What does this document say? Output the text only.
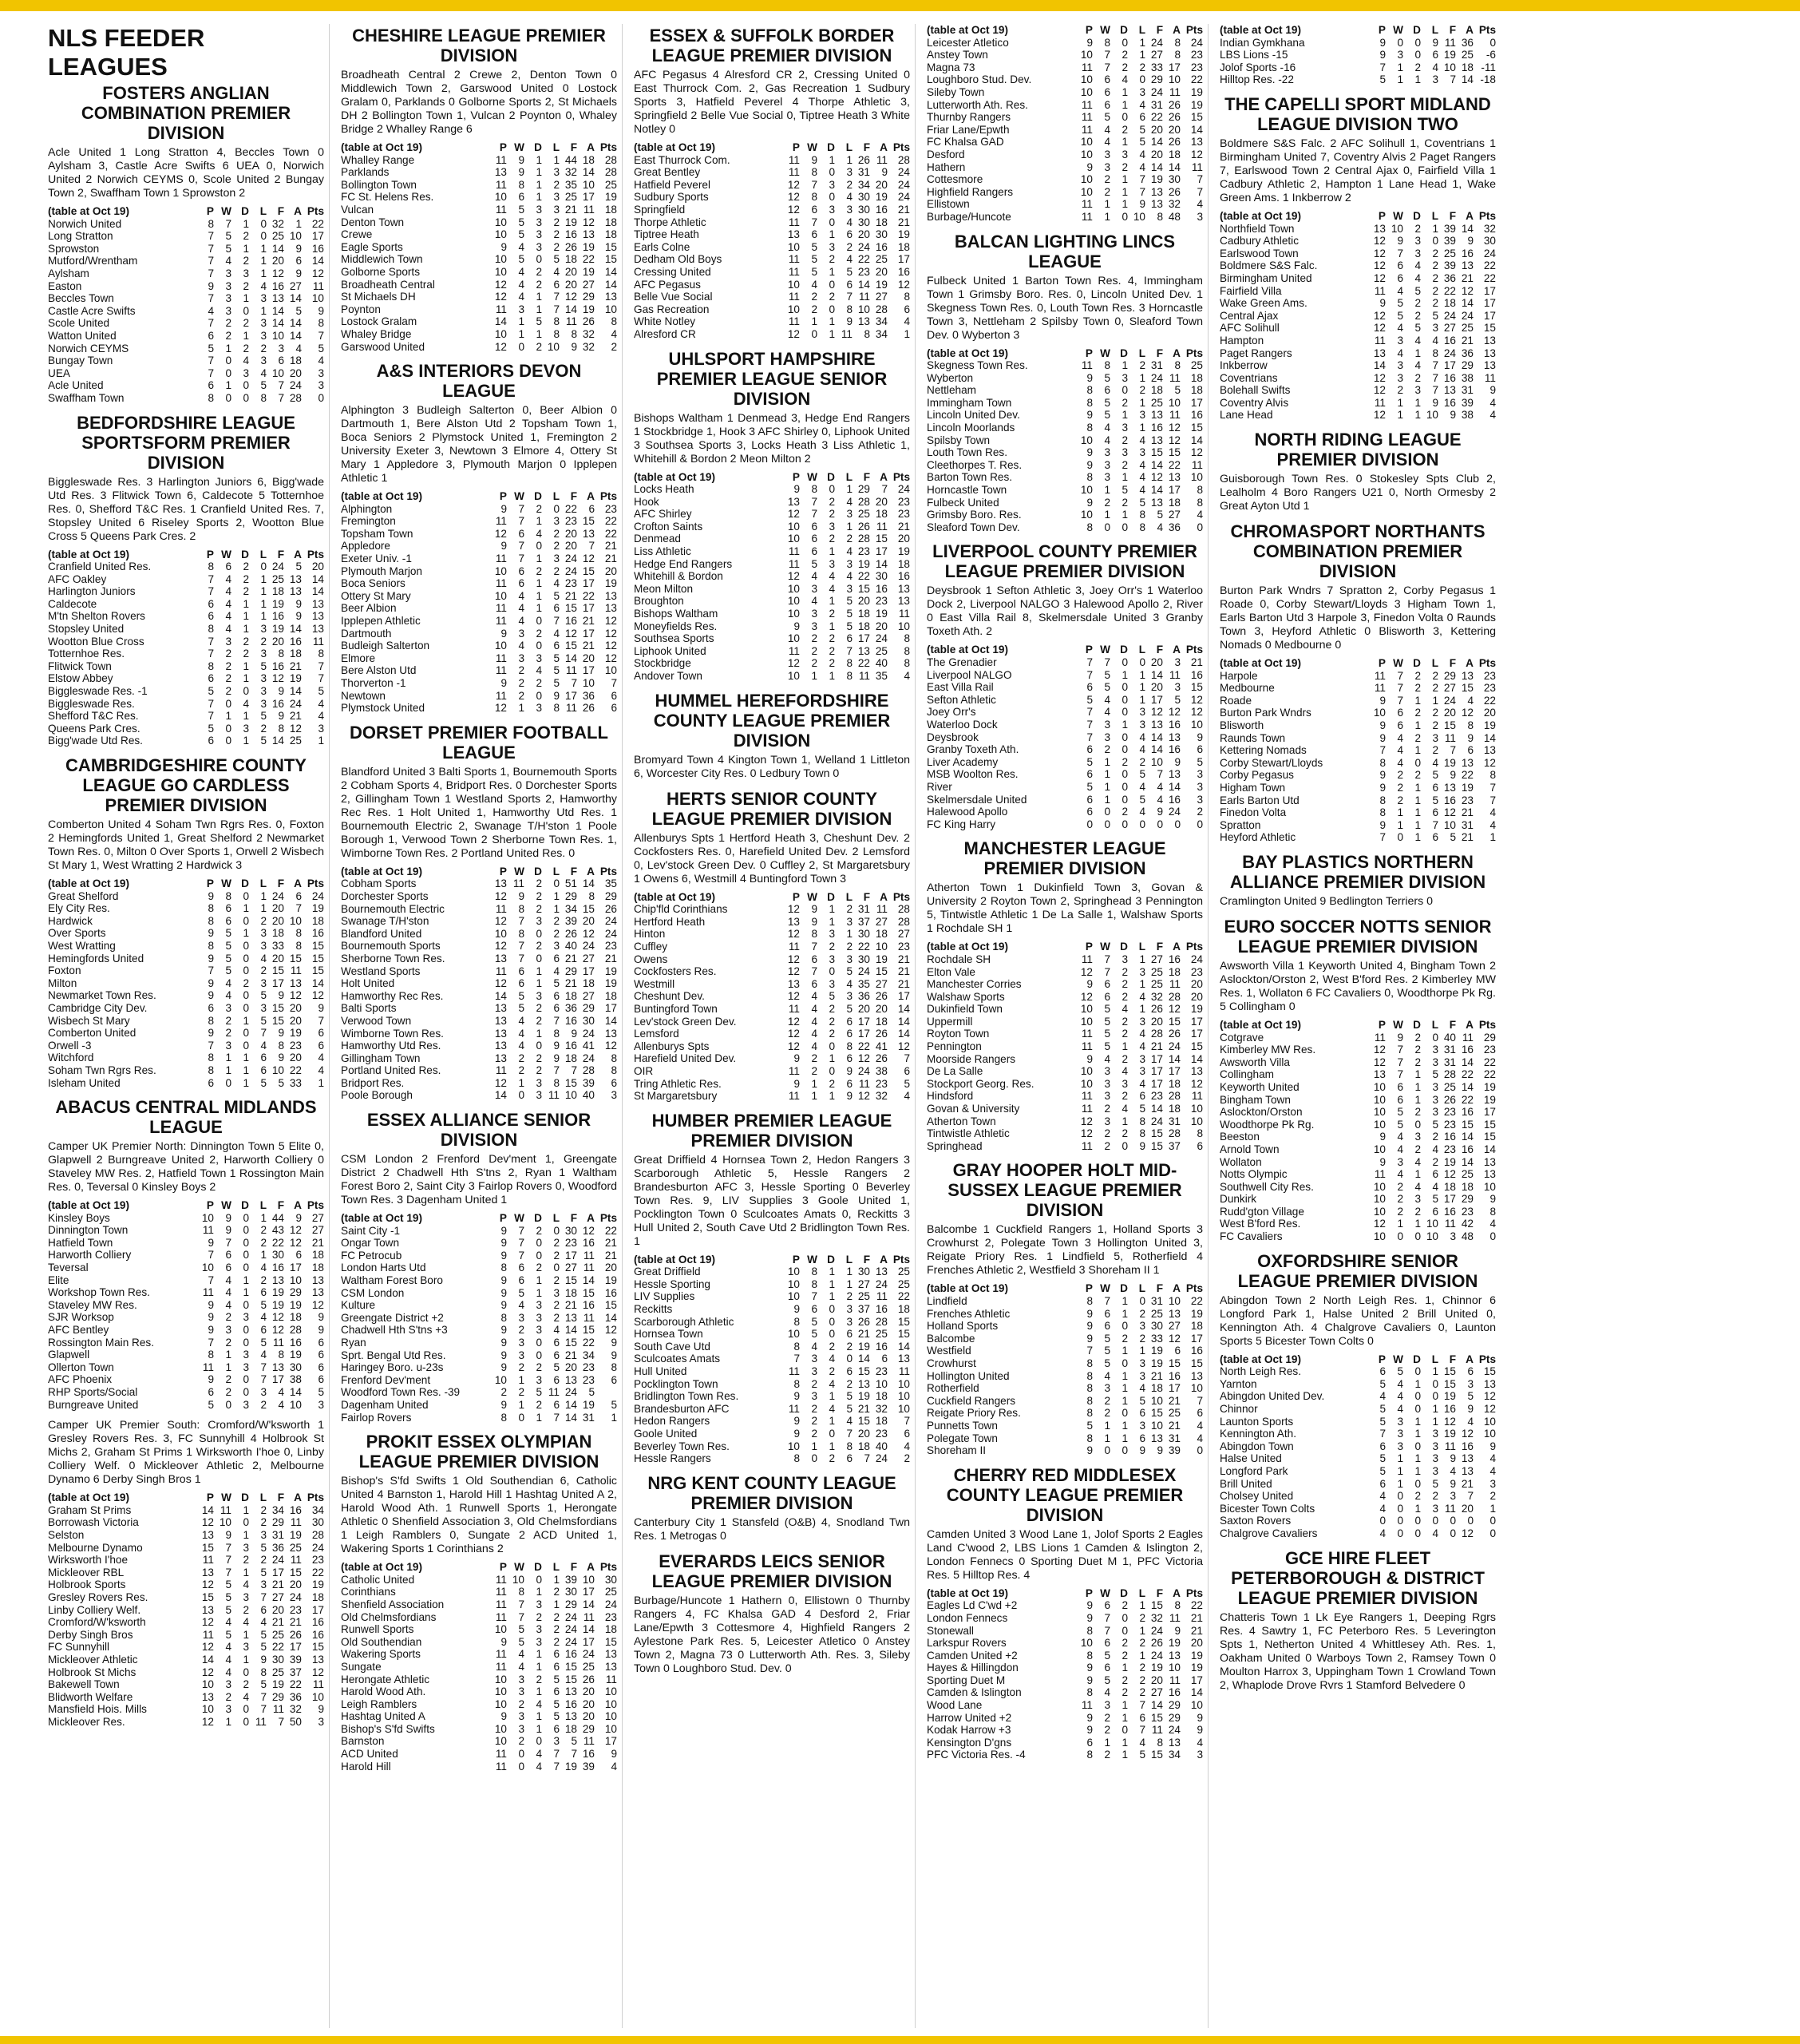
NLS FEEDER LEAGUES
FOSTERS ANGLIAN COMBINATION PREMIER DIVISION
Acle United 1 Long Stratton 4, Beccles Town 0 Aylsham 3, Castle Acre Swifts 6 UEA 0, Norwich United 2 Norwich CEYMS 0, Scole United 2 Bungay Town 2, Swaffham Town 1 Sprowston 2
(table at Oct 19)	P	W	D	L	F	A	Pts
Norwich United	8	7	1	0	32	1	22
Long Stratton	7	5	2	0	25	10	17
Sprowston	7	5	1	1	14	9	16
Mutford/Wrentham	7	4	2	1	20	6	14
Aylsham	7	3	3	1	12	9	12
Easton	9	3	2	4	16	27	11
Beccles Town	7	3	1	3	13	14	10
Castle Acre Swifts	4	3	0	1	14	5	9
Scole United	7	2	2	3	14	14	8
Watton United	6	2	1	3	10	14	7
Norwich CEYMS	5	1	2	2	3	4	5
Bungay Town	7	0	4	3	6	18	4
UEA	7	0	3	4	10	20	3
Acle United	6	1	0	5	7	24	3
Swaffham Town	8	0	0	8	7	28	0
BEDFORDSHIRE LEAGUE SPORTSFORM PREMIER DIVISION
Biggleswade Res. 3 Harlington Juniors 6, Bigg'wade Utd Res. 3 Flitwick Town 6, Caldecote 5 Totternhoe Res. 0, Shefford T&C Res. 1 Cranfield United Res. 7, Stopsley United 6 Riseley Sports 2, Wootton Blue Cross 5 Queens Park Cres. 2
(table at Oct 19)	P	W	D	L	F	A	Pts
Cranfield United Res.	8	6	2	0	24	5	20
AFC Oakley	7	4	2	1	25	13	14
Harlington Juniors	7	4	2	1	18	13	14
Caldecote	6	4	1	1	19	9	13
M'tn Shelton Rovers	6	4	1	1	16	9	13
Stopsley United	8	4	1	3	19	14	13
Wootton Blue Cross	7	3	2	2	20	16	11
Totternhoe Res.	7	2	2	3	8	18	8
Flitwick Town	8	2	1	5	16	21	7
Elstow Abbey	6	2	1	3	12	19	7
Biggleswade Res. -1	5	2	0	3	9	14	5
Biggleswade Res.	7	0	4	3	16	24	4
Shefford T&C Res.	7	1	1	5	9	21	4
Queens Park Cres.	5	0	3	2	8	12	3
Bigg'wade Utd Res.	6	0	1	5	14	25	1
CAMBRIDGESHIRE COUNTY LEAGUE GO CARDLESS PREMIER DIVISION
Comberton United 4 Soham Twn Rgrs Res. 0, Foxton 2 Hemingfords United 1, Great Shelford 2 Newmarket Town Res. 0, Milton 0 Over Sports 1, Orwell 2 Wisbech St Mary 1, West Wratting 2 Hardwick 3
(table at Oct 19)	P	W	D	L	F	A	Pts
Great Shelford	9	8	0	1	24	6	24
Ely City Res.	8	6	1	1	20	7	19
Hardwick	8	6	0	2	20	10	18
Over Sports	9	5	1	3	18	8	16
West Wratting	8	5	0	3	33	8	15
Hemingfords United	9	5	0	4	20	15	15
Foxton	7	5	0	2	15	11	15
Milton	9	4	2	3	17	13	14
Newmarket Town Res.	9	4	0	5	9	12	12
Cambridge City Dev.	6	3	0	3	15	20	9
Wisbech St Mary	8	2	1	5	15	20	7
Comberton United	9	2	0	7	9	19	6
Orwell -3	7	3	0	4	8	23	6
Witchford	8	1	1	6	9	20	4
Soham Twn Rgrs Res.	8	1	1	6	10	22	4
Isleham United	6	0	1	5	5	33	1
ABACUS CENTRAL MIDLANDS LEAGUE
Camper UK Premier North: Dinnington Town 5 Elite 0, Glapwell 2 Burngreave United 2, Harworth Colliery 0 Staveley MW Res. 2, Hatfield Town 1 Rossington Main Res. 0, Teversal 0 Kinsley Boys 2
(table at Oct 19)	P	W	D	L	F	A	Pts
Kinsley Boys	10	9	0	1	44	9	27
Dinnington Town	11	9	0	2	43	12	27
Hatfield Town	9	7	0	2	22	12	21
Harworth Colliery	7	6	0	1	30	6	18
Teversal	10	6	0	4	16	17	18
Elite	7	4	1	2	13	10	13
Workshop Town Res.	11	4	1	6	19	29	13
Staveley MW Res.	9	4	0	5	19	19	12
SJR Worksop	9	2	3	4	12	18	9
AFC Bentley	9	3	0	6	12	28	9
Rossington Main Res.	7	2	0	5	11	16	6
Glapwell	8	1	3	4	8	19	6
Ollerton Town	11	1	3	7	13	30	6
AFC Phoenix	9	2	0	7	17	38	6
RHP Sports/Social	6	2	0	3	4	14	5
Burngreave United	5	0	3	2	4	10	3
Camper UK Premier South: Cromford/W'ksworth 1 Gresley Rovers Res. 3, FC Sunnyhill 4 Holbrook St Michs 2, Graham St Prims 1 Wirksworth I'hoe 0, Linby Colliery Welf. 0 Mickleover Athletic 2, Melbourne Dynamo 6 Derby Singh Bros 1
(table at Oct 19)	P	W	D	L	F	A	Pts
Graham St Prims	14	11	1	2	34	16	34
Borrowash Victoria	12	10	0	2	29	11	30
Selston	13	9	1	3	31	19	28
Melbourne Dynamo	15	7	3	5	36	25	24
Wirksworth I'hoe	11	7	2	2	24	11	23
Mickleover RBL	13	7	1	5	17	15	22
Holbrook Sports	12	5	4	3	21	20	19
Gresley Rovers Res.	15	5	3	7	27	24	18
Linby Colliery Welf.	13	5	2	6	20	23	17
Cromford/W'ksworth	12	4	4	4	21	21	16
Derby Singh Bros	11	5	1	5	25	26	16
FC Sunnyhill	12	4	3	5	22	17	15
Mickleover Athletic	14	4	1	9	30	39	13
Holbrook St Michs	12	4	0	8	25	37	12
Bakewell Town	10	3	2	5	19	22	11
Blidworth Welfare	13	2	4	7	29	36	10
Mansfield Hois. Mills	10	3	0	7	11	32	9
Mickleover Res.	12	1	0	11	7	50	3
CHESHIRE LEAGUE PREMIER DIVISION
Broadheath Central 2 Crewe 2, Denton Town 0 Middlewich Town 2, Garswood United 0 Lostock Gralam 0, Parklands 0 Golborne Sports 2, St Michaels DH 2 Bollington Town 1, Vulcan 2 Poynton 0, Whaley Bridge 2 Whalley Range 6
(table at Oct 19)	P	W	D	L	F	A	Pts
Whalley Range	11	9	1	1	44	18	28
Parklands	13	9	1	3	32	14	28
Bollington Town	11	8	1	2	35	10	25
FC St. Helens Res.	10	6	1	3	25	17	19
Vulcan	11	5	3	3	21	11	18
Denton Town	10	5	3	2	19	12	18
Crewe	10	5	3	2	16	13	18
Eagle Sports	9	4	3	2	26	19	15
Middlewich Town	10	5	0	5	18	22	15
Golborne Sports	10	4	2	4	20	19	14
Broadheath Central	12	4	2	6	20	27	14
St Michaels DH	12	4	1	7	12	29	13
Poynton	11	3	1	7	14	19	10
Lostock Gralam	14	1	5	8	11	26	8
Whaley Bridge	10	1	1	8	8	32	4
Garswood United	12	0	2	10	9	32	2
A&S INTERIORS DEVON LEAGUE
Alphington 3 Budleigh Salterton 0, Beer Albion 0 Dartmouth 1, Bere Alston Utd 2 Topsham Town 1, Boca Seniors 2 Plymstock United 1, Fremington 2 University Exeter 3, Newtown 3 Elmore 4, Ottery St Mary 1 Appledore 3, Plymouth Marjon 0 Ipplepen Athletic 1
(table at Oct 19)	P	W	D	L	F	A	Pts
Alphington	9	7	2	0	22	6	23
Fremington	11	7	1	3	23	15	22
Topsham Town	12	6	4	2	20	13	22
Appledore	9	7	0	2	20	7	21
Exeter Univ. -1	11	7	1	3	24	12	21
Plymouth Marjon	10	6	2	2	24	15	20
Boca Seniors	11	6	1	4	23	17	19
Ottery St Mary	10	4	1	5	21	22	13
Beer Albion	11	4	1	6	15	17	13
Ipplepen Athletic	11	4	0	7	16	21	12
Dartmouth	9	3	2	4	12	17	12
Budleigh Salterton	10	4	0	6	15	21	12
Elmore	11	3	3	5	14	20	12
Bere Alston Utd	11	2	4	5	11	17	10
Thorverton -1	9	2	2	5	7	10	7
Newtown	11	2	0	9	17	36	6
Plymstock United	12	1	3	8	11	26	6
DORSET PREMIER FOOTBALL LEAGUE
Blandford United 3 Balti Sports 1, Bournemouth Sports 2 Cobham Sports 4, Bridport Res. 0 Dorchester Sports 2, Gillingham Town 1 Westland Sports 2, Hamworthy Rec Res. 1 Holt United 1, Hamworthy Utd Res. 1 Bournemouth Electric 2, Swanage T/H'ston 1 Poole Borough 1, Verwood Town 2 Sherborne Town Res. 1, Wimborne Town Res. 2 Portland United Res. 0
(table at Oct 19)	P	W	D	L	F	A	Pts
Cobham Sports	13	11	2	0	51	14	35
Dorchester Sports	12	9	2	1	29	8	29
Bournemouth Electric	11	8	2	1	34	15	26
Swanage T/H'ston	12	7	3	2	39	20	24
Blandford United	10	8	0	2	26	12	24
Bournemouth Sports	12	7	2	3	40	24	23
Sherborne Town Res.	13	7	0	6	21	27	21
Westland Sports	11	6	1	4	29	17	19
Holt United	12	6	1	5	21	18	19
Hamworthy Rec Res.	14	5	3	6	18	27	18
Balti Sports	13	5	2	6	36	29	17
Verwood Town	13	4	2	7	16	30	14
Wimborne Town Res.	13	4	1	8	9	24	13
Hamworthy Utd Res.	13	4	0	9	16	41	12
Gillingham Town	13	2	2	9	18	24	8
Portland United Res.	11	2	2	7	7	28	8
Bridport Res.	12	1	3	8	15	39	6
Poole Borough	14	0	3	11	10	40	3
ESSEX ALLIANCE SENIOR DIVISION
CSM London 2 Frenford Dev'ment 1, Greengate District 2 Chadwell Hth S'tns 2, Ryan 1 Waltham Forest Boro 2, Saint City 3 Fairlop Rovers 0, Woodford Town Res. 3 Dagenham United 1
(table at Oct 19)	P	W	D	L	F	A	Pts
Saint City -1	9	7	2	0	30	12	22
Ongar Town	9	7	0	2	23	16	21
FC Petrocub	9	7	0	2	17	11	21
London Harts Utd	8	6	2	0	27	11	20
Waltham Forest Boro	9	6	1	2	15	14	19
CSM London	9	5	1	3	18	15	16
Kulture	9	4	3	2	21	16	15
Greengate District +2	8	3	3	2	13	11	14
Chadwell Hth S'tns +3	9	2	3	4	14	15	12
Ryan	9	3	0	6	15	22	9
Sprt. Bengal Utd Res.	9	3	0	6	21	34	9
Haringey Boro. u-23s	9	2	2	5	20	23	8
Frenford Dev'ment	10	1	3	6	13	23	6
Woodford Town Res. -39	2	2	5	11	24	5	
Dagenham United	9	1	2	6	14	19	5
Fairlop Rovers	8	0	1	7	14	31	1
PROKIT ESSEX OLYMPIAN LEAGUE PREMIER DIVISION
Bishop's S'fd Swifts 1 Old Southendian 6, Catholic United 4 Barnston 1, Harold Hill 1 Hashtag United A 2, Harold Wood Ath. 1 Runwell Sports 1, Herongate Athletic 0 Shenfield Association 3, Old Chelmsfordians 1 Leigh Ramblers 0, Sungate 2 ACD United 1, Wakering Sports 1 Corinthians 2
(table at Oct 19)	P	W	D	L	F	A	Pts
Catholic United	11	10	0	1	39	10	30
Corinthians	11	8	1	2	30	17	25
Shenfield Association	11	7	3	1	29	14	24
Old Chelmsfordians	11	7	2	2	24	11	23
Runwell Sports	10	5	3	2	24	14	18
Old Southendian	9	5	3	2	24	17	15
Wakering Sports	11	4	1	6	16	24	13
Sungate	11	4	1	6	15	25	13
Herongate Athletic	10	3	2	5	15	26	11
Harold Wood Ath.	10	3	1	6	13	20	10
Leigh Ramblers	10	2	4	5	16	20	10
Hashtag United A	9	3	1	5	13	20	10
Bishop's S'fd Swifts	10	3	1	6	18	29	10
Barnston	10	2	0	3	5	11	17
ACD United	11	0	4	7	7	16	9
Harold Hill	11	0	4	7	19	39	4
ESSEX & SUFFOLK BORDER LEAGUE PREMIER DIVISION
AFC Pegasus 4 Alresford CR 2, Cressing United 0 East Thurrock Com. 2, Gas Recreation 1 Sudbury Sports 3, Hatfield Peverel 4 Thorpe Athletic 3, Springfield 2 Belle Vue Social 0, Tiptree Heath 3 White Notley 0
(table at Oct 19)	P	W	D	L	F	A	Pts
East Thurrock Com.	11	9	1	1	26	11	28
Great Bentley	11	8	0	3	31	9	24
Hatfield Peverel	12	7	3	2	34	20	24
Sudbury Sports	12	8	0	4	30	19	24
Springfield	12	6	3	3	30	16	21
Thorpe Athletic	11	7	0	4	30	18	21
Tiptree Heath	13	6	1	6	20	30	19
Earls Colne	10	5	3	2	24	16	18
Dedham Old Boys	11	5	2	4	22	25	17
Cressing United	11	5	1	5	23	20	16
AFC Pegasus	10	4	0	6	14	19	12
Belle Vue Social	11	2	2	7	11	27	8
Gas Recreation	10	2	0	8	10	28	6
White Notley	11	1	1	9	13	34	4
Alresford CR	12	0	1	11	8	34	1
UHLSPORT HAMPSHIRE PREMIER LEAGUE SENIOR DIVISION
Bishops Waltham 1 Denmead 3, Hedge End Rangers 1 Stockbridge 1, Hook 3 AFC Shirley 0, Liphook United 3 Southsea Sports 3, Locks Heath 3 Liss Athletic 1, Whitehill & Bordon 2 Meon Milton 2
(table at Oct 19)	P	W	D	L	F	A	Pts
Locks Heath	9	8	0	1	29	7	24
Hook	13	7	2	4	28	20	23
AFC Shirley	12	7	2	3	25	18	23
Crofton Saints	10	6	3	1	26	11	21
Denmead	10	6	2	2	28	15	20
Liss Athletic	11	6	1	4	23	17	19
Hedge End Rangers	11	5	3	3	19	14	18
Whitehill & Bordon	12	4	4	4	22	30	16
Meon Milton	10	3	4	3	15	16	13
Broughton	10	4	1	5	20	23	13
Bishops Waltham	10	3	2	5	18	19	11
Moneyfields Res.	9	3	1	5	18	20	10
Southsea Sports	10	2	2	6	17	24	8
Liphook United	11	2	2	7	13	25	8
Stockbridge	12	2	2	8	22	40	8
Andover Town	10	1	1	8	11	35	4
HUMMEL HEREFORDSHIRE COUNTY LEAGUE PREMIER DIVISION
Bromyard Town 4 Kington Town 1, Welland 1 Littleton 6, Worcester City Res. 0 Ledbury Town 0
HERTS SENIOR COUNTY LEAGUE PREMIER DIVISION
Allenburys Spts 1 Hertford Heath 3, Cheshunt Dev. 2 Cockfosters Res. 0, Harefield United Dev. 2 Lemsford 0, Lev'stock Green Dev. 0 Cuffley 2, St Margaretsbury 1 Owens 6, Westmill 4 Buntingford Town 3
(table at Oct 19)	P	W	D	L	F	A	Pts
Chip'fld Corinthians	12	9	1	2	31	11	28
Hertford Heath	13	9	1	3	37	27	28
Hinton	12	8	3	1	30	18	27
Cuffley	11	7	2	2	22	10	23
Owens	12	6	3	3	30	19	21
Cockfosters Res.	12	7	0	5	24	15	21
Westmill	13	6	3	4	35	27	21
Cheshunt Dev.	12	4	5	3	36	26	17
Buntingford Town	11	4	2	5	20	20	14
Lev'stock Green Dev.	12	4	2	6	17	18	14
Lemsford	12	4	2	6	17	26	14
Allenburys Spts	12	4	0	8	22	41	12
Harefield United Dev.	9	2	1	6	12	26	7
OIR	11	2	0	9	24	38	6
Tring Athletic Res.	9	1	2	6	11	23	5
St Margaretsbury	11	1	1	9	12	32	4
HUMBER PREMIER LEAGUE PREMIER DIVISION
Great Driffield 4 Hornsea Town 2, Hedon Rangers 3 Scarborough Athletic 5, Hessle Rangers 2 Brandesburton AFC 3, Hessle Sporting 0 Beverley Town Res. 9, LIV Supplies 3 Goole United 1, Pocklington Town 0 Sculcoates Amats 0, Reckitts 3 Hull United 2, South Cave Utd 2 Bridlington Town Res. 1
(table at Oct 19)	P	W	D	L	F	A	Pts
Great Driffield	10	8	1	1	30	13	25
Hessle Sporting	10	8	1	1	27	24	25
LIV Supplies	10	7	1	2	25	11	22
Reckitts	9	6	0	3	37	16	18
Scarborough Athletic	8	5	0	3	26	28	15
Hornsea Town	10	5	0	6	21	25	15
South Cave Utd	8	4	2	2	19	16	14
Sculcoates Amats	7	3	4	0	14	6	13
Hull United	11	3	2	6	15	23	11
Pocklington Town	8	2	4	2	13	10	10
Bridlington Town Res.	9	3	1	5	19	18	10
Brandesburton AFC	11	2	4	5	21	32	10
Hedon Rangers	9	2	1	4	15	18	7
Goole United	9	2	0	7	20	23	6
Beverley Town Res.	10	1	1	8	18	40	4
Hessle Rangers	8	0	2	6	7	24	2
NRG KENT COUNTY LEAGUE PREMIER DIVISION
Canterbury City 1 Stansfeld (O&B) 4, Snodland Twn Res. 1 Metrogas 0
EVERARDS LEICS SENIOR LEAGUE PREMIER DIVISION
Burbage/Huncote 1 Hathern 0, Ellistown 0 Thurnby Rangers 4, FC Khalsa GAD 4 Desford 2, Friar Lane/Epwth 3 Cottesmore 4, Highfield Rangers 2 Aylestone Park Res. 5, Leicester Atletico 0 Anstey Town 2, Magna 73 0 Lutterworth Ath. Res. 3, Sileby Town 0 Loughboro Stud. Dev. 0
(table at Oct 19)	P	W	D	L	F	A	Pts
Leicester Atletico	9	8	0	1	24	8	24
Anstey Town	10	7	2	1	27	8	23
Magna 73	11	7	2	2	33	17	23
Loughboro Stud. Dev.	10	6	4	0	29	10	22
Sileby Town	10	6	1	3	24	11	19
Lutterworth Ath. Res.	11	6	1	4	31	26	19
Thurnby Rangers	11	5	0	6	22	26	15
Friar Lane/Epwth	11	4	2	5	20	20	14
FC Khalsa GAD	10	4	1	5	14	26	13
Desford	10	3	3	4	20	18	12
Hathern	9	3	2	4	14	14	11
Cottesmore	10	2	1	7	19	30	7
Highfield Rangers	10	2	1	7	13	26	7
Ellistown	11	1	1	9	13	32	4
Burbage/Huncote	11	1	0	10	8	48	3
BALCAN LIGHTING LINCS LEAGUE
Fulbeck United 1 Barton Town Res. 4, Immingham Town 1 Grimsby Boro. Res. 0, Lincoln United Dev. 1 Skegness Town Res. 0, Louth Town Res. 3 Horncastle Town 3, Nettleham 2 Spilsby Town 0, Sleaford Town Dev. 0 Wyberton 3
(table at Oct 19)	P	W	D	L	F	A	Pts
Skegness Town Res.	11	8	1	2	31	8	25
Wyberton	9	5	3	1	24	11	18
Nettleham	8	6	0	2	18	5	18
Immingham Town	8	5	2	1	25	10	17
Lincoln United Dev.	9	5	1	3	13	11	16
Lincoln Moorlands	8	4	3	1	16	12	15
Spilsby Town	10	4	2	4	13	12	14
Louth Town Res.	9	3	3	3	15	15	12
Cleethorpes T. Res.	9	3	2	4	14	22	11
Barton Town Res.	8	3	1	4	12	13	10
Horncastle Town	10	1	5	4	14	17	8
Fulbeck United	9	2	2	5	13	18	8
Grimsby Boro. Res.	10	1	1	8	5	27	4
Sleaford Town Dev.	8	0	0	8	4	36	0
LIVERPOOL COUNTY PREMIER LEAGUE PREMIER DIVISION
Deysbrook 1 Sefton Athletic 3, Joey Orr's 1 Waterloo Dock 2, Liverpool NALGO 3 Halewood Apollo 2, River 0 East Villa Rail 8, Skelmersdale United 3 Granby Toxeth Ath. 2
(table at Oct 19)	P	W	D	L	F	A	Pts
The Grenadier	7	7	0	0	20	3	21
Liverpool NALGO	7	5	1	1	14	11	16
East Villa Rail	6	5	0	1	20	3	15
Sefton Athletic	5	4	0	1	17	5	12
Joey Orr's	7	4	0	3	12	12	12
Waterloo Dock	7	3	1	3	13	16	10
Deysbrook	7	3	0	4	14	13	9
Granby Toxeth Ath.	6	2	0	4	14	16	6
Liver Academy	5	1	2	2	10	9	5
MSB Woolton Res.	6	1	0	5	7	13	3
River	5	1	0	4	4	14	3
Skelmersdale United	6	1	0	5	4	16	3
Halewood Apollo	6	0	2	4	9	24	2
FC King Harry	0	0	0	0	0	0	0
MANCHESTER LEAGUE PREMIER DIVISION
Atherton Town 1 Dukinfield Town 3, Govan & University 2 Royton Town 2, Springhead 3 Pennington 5, Tintwistle Athletic 1 De La Salle 1, Walshaw Sports 1 Rochdale SH 1
(table at Oct 19)	P	W	D	L	F	A	Pts
Rochdale SH	11	7	3	1	27	16	24
Elton Vale	12	7	2	3	25	18	23
Manchester Corries	9	6	2	1	25	11	20
Walshaw Sports	12	6	2	4	32	28	20
Dukinfield Town	10	5	4	1	26	12	19
Uppermill	10	5	2	3	20	15	17
Royton Town	11	5	2	4	28	26	17
Pennington	11	5	1	4	21	24	15
Moorside Rangers	9	4	2	3	17	14	14
De La Salle	10	3	4	3	17	17	13
Stockport Georg. Res.	10	3	3	4	17	18	12
Hindsford	11	3	2	6	23	28	11
Govan & University	11	2	4	5	14	18	10
Atherton Town	12	3	1	8	24	31	10
Tintwistle Athletic	12	2	2	8	15	28	8
Springhead	11	2	0	9	15	37	6
GRAY HOOPER HOLT MID-SUSSEX LEAGUE PREMIER DIVISION
Balcombe 1 Cuckfield Rangers 1, Holland Sports 3 Crowhurst 2, Polegate Town 3 Hollington United 3, Reigate Priory Res. 1 Lindfield 5, Rotherfield 4 Frenches Athletic 2, Westfield 3 Shoreham II 1
(table at Oct 19)	P	W	D	L	F	A	Pts
Lindfield	8	7	1	0	31	10	22
Frenches Athletic	9	6	1	2	25	13	19
Holland Sports	9	6	0	3	30	27	18
Balcombe	9	5	2	2	33	12	17
Westfield	7	5	1	1	19	6	16
Crowhurst	8	5	0	3	19	15	15
Hollington United	8	4	1	3	21	16	13
Rotherfield	8	3	1	4	18	17	10
Cuckfield Rangers	8	2	1	5	10	21	7
Reigate Priory Res.	8	2	0	6	15	25	6
Punnetts Town	5	1	1	3	10	21	4
Polegate Town	8	1	1	6	13	31	4
Shoreham II	9	0	0	9	9	39	0
CHERRY RED MIDDLESEX COUNTY LEAGUE PREMIER DIVISION
Camden United 3 Wood Lane 1, Jolof Sports 2 Eagles Land C'wood 2, LBS Lions 1 Camden & Islington 2, London Fennecs 0 Sporting Duet M 1, PFC Victoria Res. 5 Hilltop Res. 4
(table at Oct 19)	P	W	D	L	F	A	Pts
Eagles Ld C'wd +2	9	6	2	1	15	8	22
London Fennecs	9	7	0	2	32	11	21
Stonewall	8	7	0	1	24	9	21
Larkspur Rovers	10	6	2	2	26	19	20
Camden United +2	8	5	2	1	24	13	19
Hayes & Hillingdon	9	6	1	2	19	10	19
Sporting Duet M	9	5	2	2	20	11	17
Camden & Islington	8	4	2	2	27	16	14
Wood Lane	11	3	1	7	14	29	10
Harrow United +2	9	2	1	6	15	29	9
Kodak Harrow +3	9	2	0	7	11	24	9
Kensington D'gns	6	1	1	4	8	13	4
PFC Victoria Res. -4	8	2	1	5	15	34	3
(table at Oct 19)	P	W	D	L	F	A	Pts
Indian Gymkhana	9	0	0	9	11	36	0
LBS Lions -15	9	3	0	6	19	25	-6
Jolof Sports -16	7	1	2	4	10	18	-11
Hilltop Res. -22	5	1	1	3	7	14	-18
THE CAPELLI SPORT MIDLAND LEAGUE DIVISION TWO
Boldmere S&S Falc. 2 AFC Solihull 1, Coventrians 1 Birmingham United 7, Coventry Alvis 2 Paget Rangers 7, Earlswood Town 2 Central Ajax 0, Fairfield Villa 1 Cadbury Athletic 2, Hampton 1 Lane Head 1, Wake Green Ams. 1 Inkberrow 2
(table at Oct 19)	P	W	D	L	F	A	Pts
Northfield Town	13	10	2	1	39	14	32
Cadbury Athletic	12	9	3	0	39	9	30
Earlswood Town	12	7	3	2	25	16	24
Boldmere S&S Falc.	12	6	4	2	39	13	22
Birmingham United	12	6	4	2	36	21	22
Fairfield Villa	11	4	5	2	22	12	17
Wake Green Ams.	9	5	2	2	18	14	17
Central Ajax	12	5	2	5	24	24	17
AFC Solihull	12	4	5	3	27	25	15
Hampton	11	3	4	4	16	21	13
Paget Rangers	13	4	1	8	24	36	13
Inkberrow	14	3	4	7	17	29	13
Coventrians	12	3	2	7	16	38	11
Bolehall Swifts	12	2	3	7	13	31	9
Coventry Alvis	11	1	1	9	16	39	4
Lane Head	12	1	1	10	9	38	4
NORTH RIDING LEAGUE PREMIER DIVISION
Guisborough Town Res. 0 Stokesley Spts Club 2, Lealholm 4 Boro Rangers U21 0, North Ormesby 2 Great Ayton Utd 1
CHROMASPORT NORTHANTS COMBINATION PREMIER DIVISION
Burton Park Wndrs 7 Spratton 2, Corby Pegasus 1 Roade 0, Corby Stewart/Lloyds 3 Higham Town 1, Earls Barton Utd 3 Harpole 3, Finedon Volta 0 Raunds Town 3, Heyford Athletic 0 Blisworth 3, Kettering Nomads 0 Medbourne 0
(table at Oct 19)	P	W	D	L	F	A	Pts
Harpole	11	7	2	2	29	13	23
Medbourne	11	7	2	2	27	15	23
Roade	9	7	1	1	24	4	22
Burton Park Wndrs	10	6	2	2	20	12	20
Blisworth	9	6	1	2	15	8	19
Raunds Town	9	4	2	3	11	9	14
Kettering Nomads	7	4	1	2	7	6	13
Corby Stewart/Lloyds	8	4	0	4	19	13	12
Corby Pegasus	9	2	2	5	9	22	8
Higham Town	9	2	1	6	13	19	7
Earls Barton Utd	8	2	1	5	16	23	7
Finedon Volta	8	1	1	6	12	21	4
Spratton	9	1	1	7	10	31	4
Heyford Athletic	7	0	1	6	5	21	1
BAY PLASTICS NORTHERN ALLIANCE PREMIER DIVISION
Cramlington United 9 Bedlington Terriers 0
EURO SOCCER NOTTS SENIOR LEAGUE PREMIER DIVISION
Awsworth Villa 1 Keyworth United 4, Bingham Town 2 Aslockton/Orston 2, West B'ford Res. 2 Kimberley MW Res. 1, Wollaton 6 FC Cavaliers 0, Woodthorpe Pk Rg. 5 Collingham 0
(table at Oct 19)	P	W	D	L	F	A	Pts
Cotgrave	11	9	2	0	40	11	29
Kimberley MW Res.	12	7	2	3	31	16	23
Awsworth Villa	12	7	2	3	31	14	22
Collingham	13	7	1	5	28	22	22
Keyworth United	10	6	1	3	25	14	19
Bingham Town	10	6	1	3	26	22	19
Aslockton/Orston	10	5	2	3	23	16	17
Woodthorpe Pk Rg.	10	5	0	5	23	15	15
Beeston	9	4	3	2	16	14	15
Arnold Town	10	4	2	4	23	16	14
Wollaton	9	3	4	2	19	14	13
Notts Olympic	11	4	1	6	12	25	13
Southwell City Res.	10	2	4	4	18	18	10
Dunkirk	10	2	3	5	17	29	9
Rudd'gton Village	10	2	2	6	16	23	8
West B'ford Res.	12	1	1	10	11	42	4
FC Cavaliers	10	0	0	10	3	48	0
OXFORDSHIRE SENIOR LEAGUE PREMIER DIVISION
Abingdon Town 2 North Leigh Res. 1, Chinnor 6 Longford Park 1, Halse United 2 Brill United 0, Kennington Ath. 4 Chalgrove Cavaliers 0, Launton Sports 5 Bicester Town Colts 0
(table at Oct 19)	P	W	D	L	F	A	Pts
North Leigh Res.	6	5	0	1	15	6	15
Yarnton	5	4	1	0	15	3	13
Abingdon United Dev.	4	4	0	0	19	5	12
Chinnor	5	4	0	1	16	9	12
Launton Sports	5	3	1	1	12	4	10
Kennington Ath.	7	3	1	3	19	12	10
Abingdon Town	6	3	0	3	11	16	9
Halse United	5	1	1	3	9	13	4
Longford Park	5	1	1	3	4	13	4
Brill United	6	1	0	5	9	21	3
Cholsey United	4	0	2	2	3	7	2
Bicester Town Colts	4	0	1	3	11	20	1
Saxton Rovers	0	0	0	0	0	0	0
Chalgrove Cavaliers	4	0	0	4	0	12	0
GCE HIRE FLEET PETERBOROUGH & DISTRICT LEAGUE PREMIER DIVISION
Chatteris Town 1 Lk Eye Rangers 1, Deeping Rgrs Res. 4 Sawtry 1, FC Peterboro Res. 5 Leverington Spts 1, Netherton United 4 Whittlesey Ath. Res. 1, Oakham United 0 Warboys Town 2, Ramsey Town 0 Moulton Harrox 3, Uppingham Town 1 Crowland Town 2, Whaplode Drove Rvrs 1 Stamford Belvedere 0
